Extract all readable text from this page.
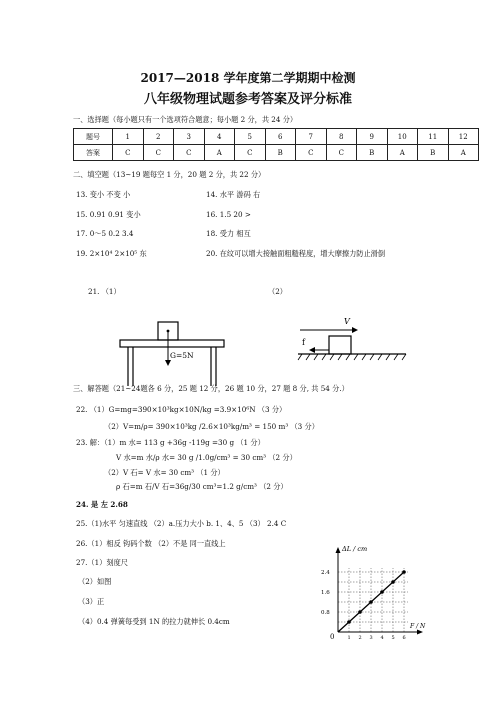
2017—2018 学年度第二学期期中检测
八年级物理试题参考答案及评分标准
一、选择题（每小题只有一个选项符合题意；每小题 2 分，共 24 分）
题号	1	2	3	4	5	6	7	8	9	10	11	12
答案	C	C	C	A	C	B	C	C	B	A	B	A
二、填空题（13~19 题每空 1 分，20 题 2 分，共 22 分）
13. 变小 不变 小	14. 水平 游码 右
15. 0.91 0.91 变小	16. 1.5 20 >
17. 0～5 0.2 3.4	18. 受力 相互
19. 2×10⁴ 2×10⁵ 东	20. 在纹可以增大接触面粗糙程度，增大摩擦力防止滑倒
21. （1）	（2）
G=5N
V
f
三、解答题（21~24题各 6 分，25 题 12 分，26 题 10 分，27 题 8 分, 共 54 分.）
22. （1）G=mg=390×10³kg×10N/kg =3.9×10⁶N （3 分）
（2）V=m/ρ= 390×10³kg /2.6×10³kg/m³ = 150 m³ （3 分）
23. 解：（1）m 水= 113 g +36g -119g =30 g （1 分）
V 水=m 水/ρ 水= 30 g /1.0g/cm³ = 30 cm³ （2 分）
（2）V 石= V 水= 30 cm³ （1 分）
ρ 石=m 石/V 石=36g/30 cm³=1.2 g/cm³ （2 分）
24. 是 左 2.68
25.（1)水平 匀速直线 （2）a.压力大小 b. 1、4、5 （3） 2.4 C
26.（1）相反 钩码个数 （2）不是 同一直线上
27.（1）刻度尺
（2）如图
（3）正
（4）0.4 弹簧每受到 1N 的拉力就伸长 0.4cm
ΔL / cm
F / N
0
2.4
1.6
0.8
1 2 3 4 5 6
